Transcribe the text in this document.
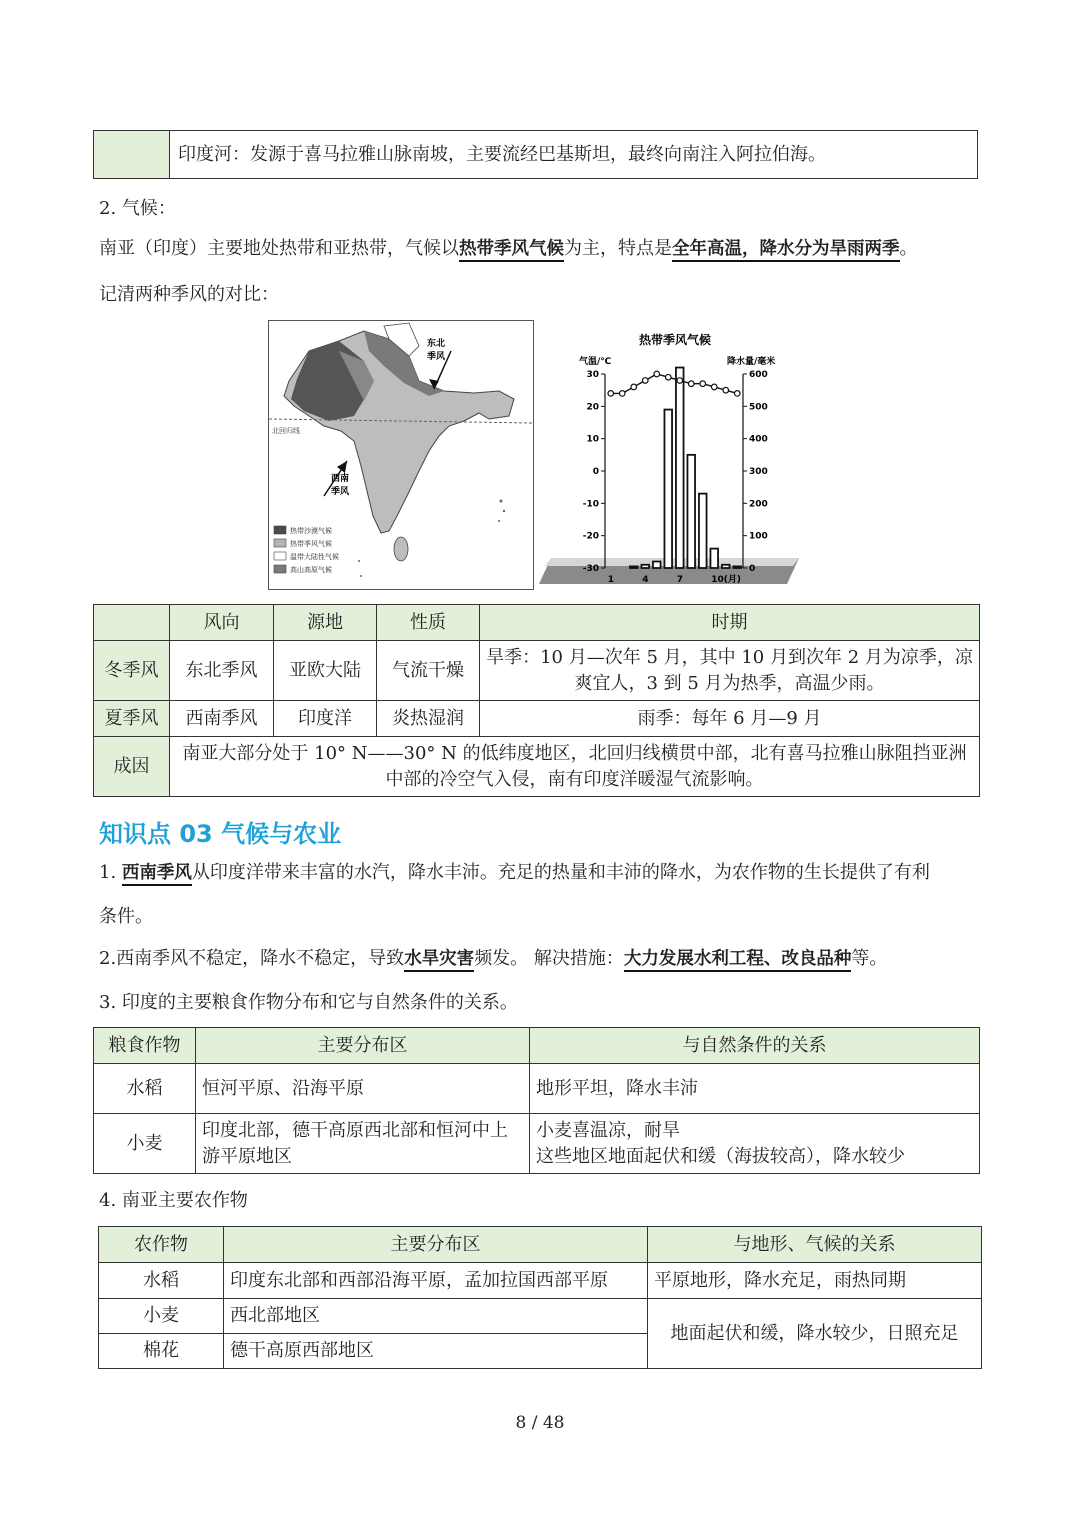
	印度河：发源于喜马拉雅山脉南坡，主要流经巴基斯坦，最终向南注入阿拉伯海。
2. 气候：
南亚（印度）主要地处热带和亚热带，气候以热带季风气候为主，特点是全年高温，降水分为旱雨两季。
记清两种季风的对比：
北回归线
东北
季风
西南
季风
热带沙漠气候
热带季风气候
温带大陆性气候
高山高原气候
热带季风气候
气温/℃	降水量/毫米
30
20
10
0
-10
-20
-30
600
500
400
300
200
100
0
1	4	7	10(月)
	风向	源地	性质	时期
冬季风	东北季风	亚欧大陆	气流干燥	旱季：10 月—次年 5 月，其中 10 月到次年 2 月为凉季，凉爽宜人，3 到 5 月为热季，高温少雨。
夏季风	西南季风	印度洋	炎热湿润	雨季：每年 6 月—9 月
成因	南亚大部分处于 10° N——30° N 的低纬度地区，北回归线横贯中部，北有喜马拉雅山脉阻挡亚洲中部的冷空气入侵，南有印度洋暖湿气流影响。			
知识点 03 气候与农业
1. 西南季风从印度洋带来丰富的水汽，降水丰沛。充足的热量和丰沛的降水，为农作物的生长提供了有利
条件。
2.西南季风不稳定，降水不稳定，导致水旱灾害频发。 解决措施：大力发展水利工程、改良品种等。
3. 印度的主要粮食作物分布和它与自然条件的关系。
粮食作物	主要分布区	与自然条件的关系
水稻	恒河平原、沿海平原	地形平坦，降水丰沛
小麦	印度北部，德干高原西北部和恒河中上游平原地区	小麦喜温凉，耐旱
这些地区地面起伏和缓（海拔较高），降水较少
4. 南亚主要农作物
农作物	主要分布区	与地形、气候的关系
水稻	印度东北部和西部沿海平原，孟加拉国西部平原	平原地形，降水充足，雨热同期
小麦	西北部地区	地面起伏和缓，降水较少，日照充足
棉花	德干高原西部地区	
8 / 48
